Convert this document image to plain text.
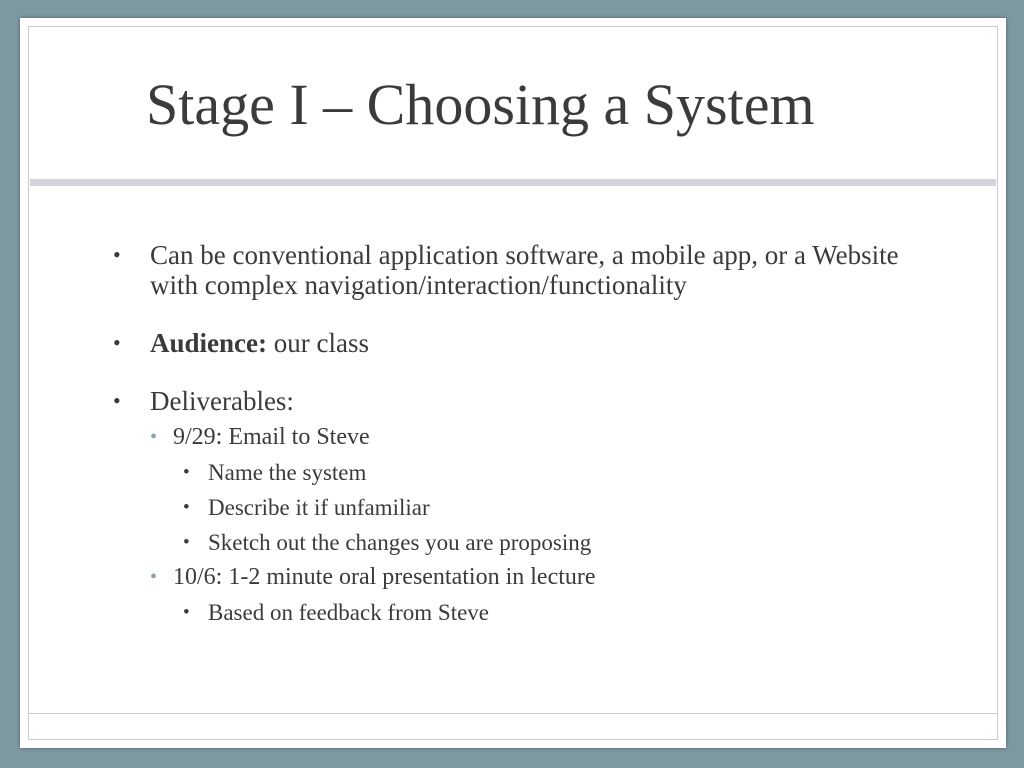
Stage I – Choosing a System
• Can be conventional application software, a mobile app, or a Website with complex navigation/interaction/functionality
• Audience: our class
• Deliverables:
• 9/29: Email to Steve
• Name the system
• Describe it if unfamiliar
• Sketch out the changes you are proposing
• 10/6: 1-2 minute oral presentation in lecture
• Based on feedback from Steve
